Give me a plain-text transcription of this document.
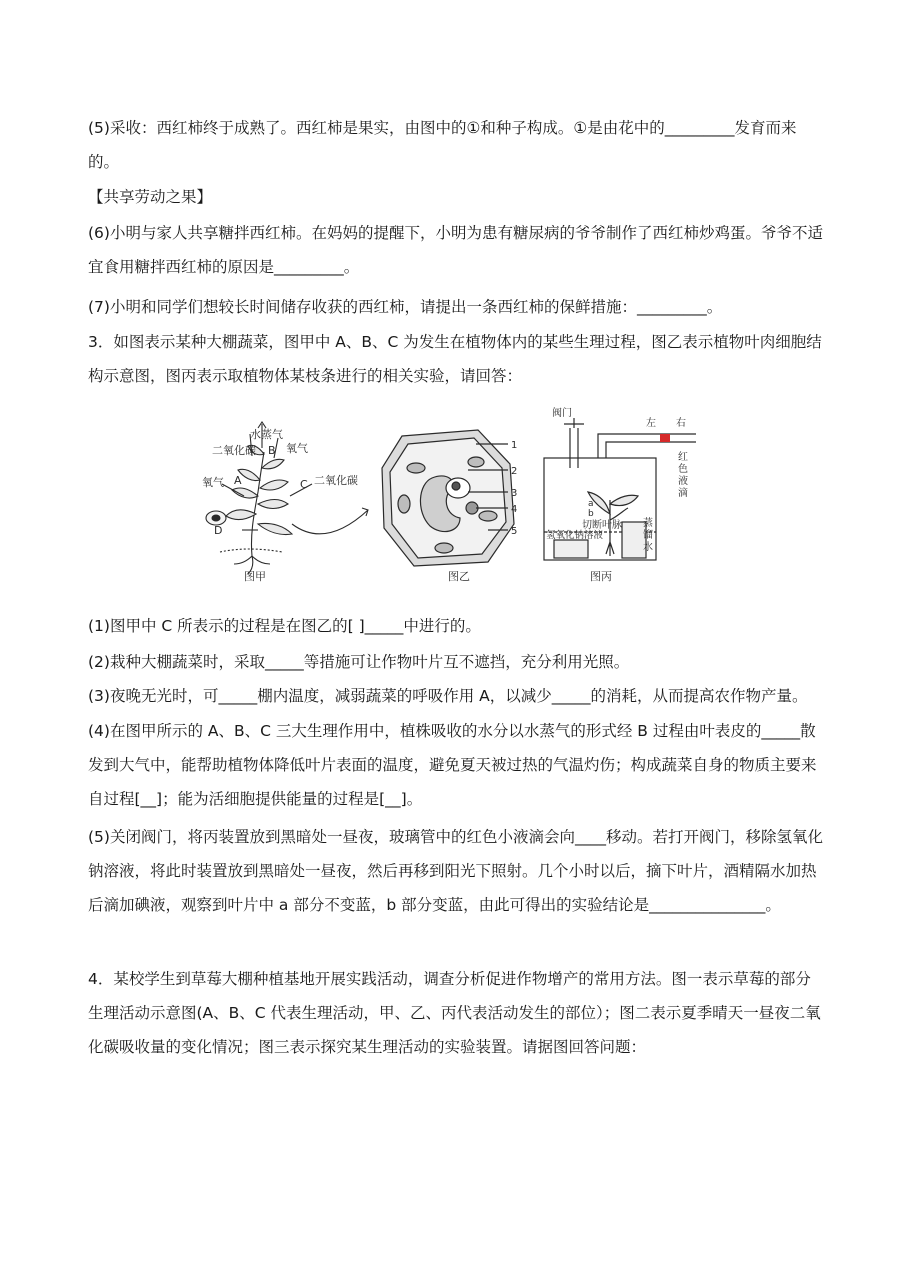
(5)采收：西红柿终于成熟了。西红柿是果实，由图中的①和种子构成。①是由花中的_________发育而来的。

【共享劳动之果】

(6)小明与家人共享糖拌西红柿。在妈妈的提醒下，小明为患有糖尿病的爷爷制作了西红柿炒鸡蛋。爷爷不适宜食用糖拌西红柿的原因是_________。

(7)小明和同学们想较长时间储存收获的西红柿，请提出一条西红柿的保鲜措施：_________。

3．如图表示某种大棚蔬菜，图甲中 A、B、C 为发生在植物体内的某些生理过程，图乙表示植物叶肉细胞结构示意图，图丙表示取植物体某枝条进行的相关实验，请回答：

水蒸气
二氧化碳 B 氧气
氧气 A	C 二氧化碳
D
图甲
1
2
3
4
5
图乙
阀门
左 右
红
色
液
滴
a
b
切断叶脉
氢氧化钠溶液
蒸
馏
水
图丙

(1)图甲中 C 所表示的过程是在图乙的[ ]_____中进行的。

(2)栽种大棚蔬菜时，采取_____等措施可让作物叶片互不遮挡，充分利用光照。

(3)夜晚无光时，可_____棚内温度，减弱蔬菜的呼吸作用 A，以减少_____的消耗，从而提高农作物产量。

(4)在图甲所示的 A、B、C 三大生理作用中，植株吸收的水分以水蒸气的形式经 B 过程由叶表皮的_____散发到大气中，能帮助植物体降低叶片表面的温度，避免夏天被过热的气温灼伤；构成蔬菜自身的物质主要来自过程[__]；能为活细胞提供能量的过程是[__]。

(5)关闭阀门，将丙装置放到黑暗处一昼夜，玻璃管中的红色小液滴会向____移动。若打开阀门，移除氢氧化钠溶液，将此时装置放到黑暗处一昼夜，然后再移到阳光下照射。几个小时以后，摘下叶片，酒精隔水加热后滴加碘液，观察到叶片中 a 部分不变蓝，b 部分变蓝，由此可得出的实验结论是_______________。

4．某校学生到草莓大棚种植基地开展实践活动，调查分析促进作物增产的常用方法。图一表示草莓的部分生理活动示意图(A、B、C 代表生理活动，甲、乙、丙代表活动发生的部位）；图二表示夏季晴天一昼夜二氧化碳吸收量的变化情况；图三表示探究某生理活动的实验装置。请据图回答问题：
